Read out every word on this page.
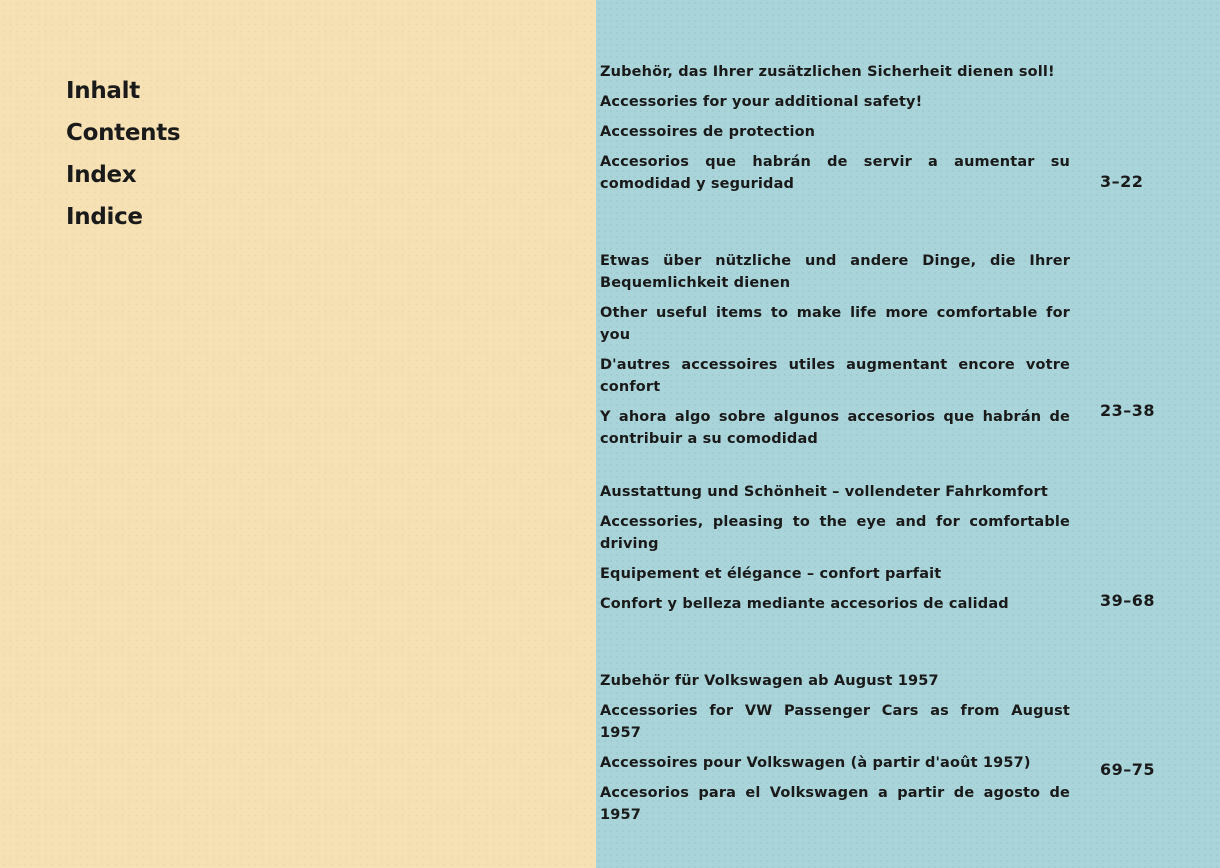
Inhalt
Contents
Index
Indice

Zubehör, das Ihrer zusätzlichen Sicherheit dienen soll!

Accessories for your additional safety!

Accessoires de protection

Accesorios que habrán de servir a aumentar su comodidad y seguridad	3–22

Etwas über nützliche und andere Dinge, die Ihrer Bequemlichkeit dienen

Other useful items to make life more comfortable for you

D'autres accessoires utiles augmentant encore votre confort

Y ahora algo sobre algunos accesorios que habrán de contribuir a su comodidad

23–38

Ausstattung und Schönheit – vollendeter Fahrkomfort

Accessories, pleasing to the eye and for comfortable driving

Equipement et élégance – confort parfait

Confort y belleza mediante accesorios de calidad	39–68

Zubehör für Volkswagen ab August 1957

Accessories for VW Passenger Cars as from August 1957

Accessoires pour Volkswagen (à partir d'août 1957)

Accesorios para el Volkswagen a partir de agosto de 1957

69–75
